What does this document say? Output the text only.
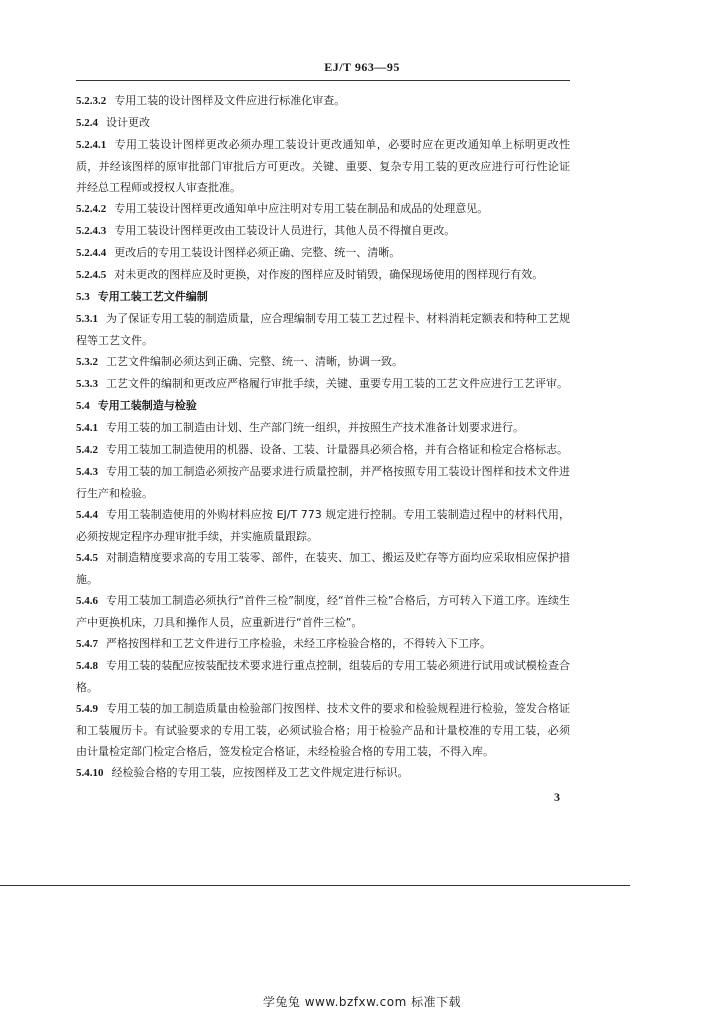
EJ/T 963—95

5.2.3.2 专用工装的设计图样及文件应进行标准化审查。

5.2.4 设计更改

5.2.4.1 专用工装设计图样更改必须办理工装设计更改通知单，必要时应在更改通知单上标明更改性质，并经该图样的原审批部门审批后方可更改。关键、重要、复杂专用工装的更改应进行可行性论证并经总工程师或授权人审查批准。

5.2.4.2 专用工装设计图样更改通知单中应注明对专用工装在制品和成品的处理意见。

5.2.4.3 专用工装设计图样更改由工装设计人员进行，其他人员不得擅自更改。

5.2.4.4 更改后的专用工装设计图样必须正确、完整、统一、清晰。

5.2.4.5 对未更改的图样应及时更换，对作废的图样应及时销毁，确保现场使用的图样现行有效。

5.3 专用工装工艺文件编制

5.3.1 为了保证专用工装的制造质量，应合理编制专用工装工艺过程卡、材料消耗定额表和特种工艺规程等工艺文件。

5.3.2 工艺文件编制必须达到正确、完整、统一、清晰，协调一致。

5.3.3 工艺文件的编制和更改应严格履行审批手续，关键、重要专用工装的工艺文件应进行工艺评审。

5.4 专用工装制造与检验

5.4.1 专用工装的加工制造由计划、生产部门统一组织，并按照生产技术准备计划要求进行。

5.4.2 专用工装加工制造使用的机器、设备、工装、计量器具必须合格，并有合格证和检定合格标志。

5.4.3 专用工装的加工制造必须按产品要求进行质量控制，并严格按照专用工装设计图样和技术文件进行生产和检验。

5.4.4 专用工装制造使用的外购材料应按 EJ/T 773 规定进行控制。专用工装制造过程中的材料代用，必须按规定程序办理审批手续，并实施质量跟踪。

5.4.5 对制造精度要求高的专用工装零、部件，在装夹、加工、搬运及贮存等方面均应采取相应保护措施。

5.4.6 专用工装加工制造必须执行“首件三检”制度，经“首件三检”合格后，方可转入下道工序。连续生产中更换机床，刀具和操作人员，应重新进行“首件三检”。

5.4.7 严格按图样和工艺文件进行工序检验，未经工序检验合格的，不得转入下工序。

5.4.8 专用工装的装配应按装配技术要求进行重点控制，组装后的专用工装必须进行试用或试模检查合格。

5.4.9 专用工装的加工制造质量由检验部门按图样、技术文件的要求和检验规程进行检验，签发合格证和工装履历卡。有试验要求的专用工装，必须试验合格；用于检验产品和计量校准的专用工装，必须由计量检定部门检定合格后，签发检定合格证，未经检验合格的专用工装，不得入库。

5.4.10 经检验合格的专用工装，应按图样及工艺文件规定进行标识。

3
学兔兔 www.bzfxw.com 标准下载
